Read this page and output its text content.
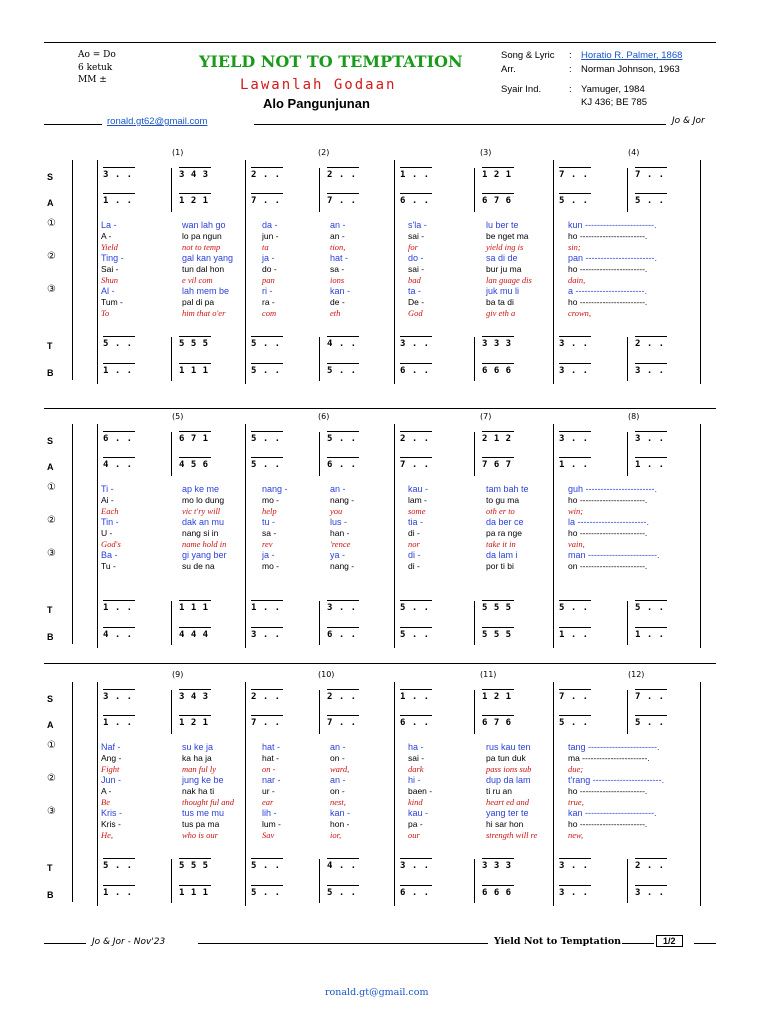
Ao = Do
6 ketuk
MM ±
YIELD NOT TO TEMPTATION
Lawanlah Godaan
Alo Pangunjunan
Song & Lyric : Horatio R. Palmer, 1868
Arr.	: Norman Johnson, 1963
Syair Ind.	: Yamuger, 1984
KJ 436; BE 785
ronald.gt62@gmail.com	Jo & Jor
(1)	(2)	(3)	(4)
S
A
T
B
①
②
③
3 . .	3 4 3	2 . .	2 . .	1 . .	1 2 1	7 . .	7 . .
1 . .	1 2 1	7 . .	7 . .	6 . .	6 7 6	5 . .	5 . .
5 . .	5 5 5	5 . .	4 . .	3 . .	3 3 3	3 . .	2 . .
1 . .	1 1 1	5 . .	5 . .	6 . .	6 6 6	3 . .	3 . .
La -	wan lah go	da -	an -	s'la -	lu ber te	kun -----------------------.
A -	lo pa ngun	jun -	an -	sai -	be nget ma	ho -----------------------.
Yield	not to temp	ta	tion,	for	yield ing is	sin;
Ting -	gal kan yang	ja -	hat -	do -	sa di de	pan -----------------------.
Sai -	tun dal hon	do -	sa -	sai -	bur ju ma	ho -----------------------.
Shun	e vil com	pan	ions	bad	lan guage dis	dain,
Al -	lah mem be	ri -	kan -	ta -	juk mu li	a -----------------------.
Tum -	pal di pa	ra -	de -	De -	ba ta di	ho -----------------------.
To	him that o'er	com	eth	God	giv eth a	crown,
(5)	(6)	(7)	(8)
S
A
T
B
①
②
③
6 . .	6 7 1	5 . .	5 . .	2 . .	2 1 2	3 . .	3 . .
4 . .	4 5 6	5 . .	6 . .	7 . .	7 6 7	1 . .	1 . .
1 . .	1 1 1	1 . .	3 . .	5 . .	5 5 5	5 . .	5 . .
4 . .	4 4 4	3 . .	6 . .	5 . .	5 5 5	1 . .	1 . .
Ti -	ap ke me	nang -	an -	kau -	tam bah te	guh -----------------------.
Ai -	mo lo dung	mo -	nang -	lam -	to gu ma	ho -----------------------.
Each	vic t'ry will	help	you	some	oth er to	win;
Tin -	dak an mu	tu -	lus -	tia -	da ber ce	la -----------------------.
U -	nang si in	sa -	han -	di -	pa ra nge	ho -----------------------.
God's	name hold in	rev	'rence	nor	take it in	vain,
Ba -	gi yang ber	ja -	ya -	di -	da lam i	man -----------------------.
Tu -	su de na	mo -	nang -	di -	por ti bi	on -----------------------.
(9)	(10)	(11)	(12)
S
A
T
B
①
②
③
3 . .	3 4 3	2 . .	2 . .	1 . .	1 2 1	7 . .	7 . .
1 . .	1 2 1	7 . .	7 . .	6 . .	6 7 6	5 . .	5 . .
5 . .	5 5 5	5 . .	4 . .	3 . .	3 3 3	3 . .	2 . .
1 . .	1 1 1	5 . .	5 . .	6 . .	6 6 6	3 . .	3 . .
Naf -	su ke ja	hat -	an -	ha -	rus kau ten	tang -----------------------.
Ang -	ka ha ja	hat -	on -	sai -	pa tun duk	ma -----------------------.
Fight	man ful ly	on -	ward,	dark	pass ions sub	due;
Jun -	jung ke be	nar -	an -	hi -	dup da lam	t'rang -----------------------.
A -	nak ha ti	ur -	on -	baen -	ti ru an	ho -----------------------.
Be	thought ful and	ear	nest,	kind	heart ed and	true,
Kris -	tus me mu	lih -	kan -	kau -	yang ter te	kan -----------------------.
Kris -	tus pa ma	lum -	hon -	pa -	hi sar hon	ho -----------------------.
He,	who is our	Sav	ior,	our	strength will re	new,
Jo & Jor - Nov'23	Yield Not to Temptation	1/2
ronald.gt@gmail.com
